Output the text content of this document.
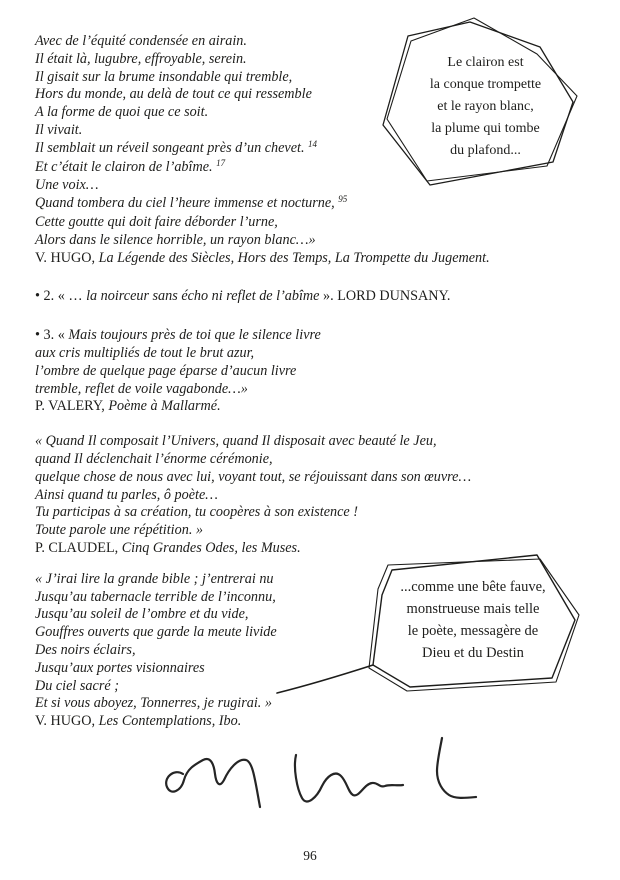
Avec de l’équité condensée en airain.
Il était là, lugubre, effroyable, serein.
Il gisait sur la brume insondable qui tremble,
Hors du monde, au delà de tout ce qui ressemble
A la forme de quoi que ce soit.
Il vivait.
Il semblait un réveil songeant près d’un chevet. $^{14}$
Et c’était le clairon de l’abîme. $^{17}$
Une voix…
Quand tombera du ciel l’heure immense et nocturne, $^{95}$
Cette goutte qui doit faire déborder l’urne,
Alors dans le silence horrible, un rayon blanc…»
V. HUGO, La Légende des Siècles, Hors des Temps, La Trompette du Jugement.
• 2. « … la noirceur sans écho ni reflet de l’abîme ». LORD DUNSANY.
• 3. « Mais toujours près de toi que le silence livre
aux cris multipliés de tout le brut azur,
l’ombre de quelque page éparse d’aucun livre
tremble, reflet de voile vagabonde…»
P. VALERY, Poème à Mallarmé.
« Quand Il composait l’Univers, quand Il disposait avec beauté le Jeu,
quand Il déclenchait l’énorme cérémonie,
quelque chose de nous avec lui, voyant tout, se réjouissant dans son œuvre…
Ainsi quand tu parles, ô poète…
Tu participas à sa création, tu coopères à son existence !
Toute parole une répétition. »
P. CLAUDEL, Cinq Grandes Odes, les Muses.
« J’irai lire la grande bible ; j’entrerai nu
Jusqu’au tabernacle terrible de l’inconnu,
Jusqu’au soleil de l’ombre et du vide,
Gouffres ouverts que garde la meute livide
Des noirs éclairs,
Jusqu’aux portes visionnaires
Du ciel sacré ;
Et si vous aboyez, Tonnerres, je rugirai. »
V. HUGO, Les Contemplations, Ibo.
Le clairon est
la conque trompette
et le rayon blanc,
la plume qui tombe
du plafond...
...comme une bête fauve,
monstrueuse mais telle
le poète, messagère de
Dieu et du Destin
96
